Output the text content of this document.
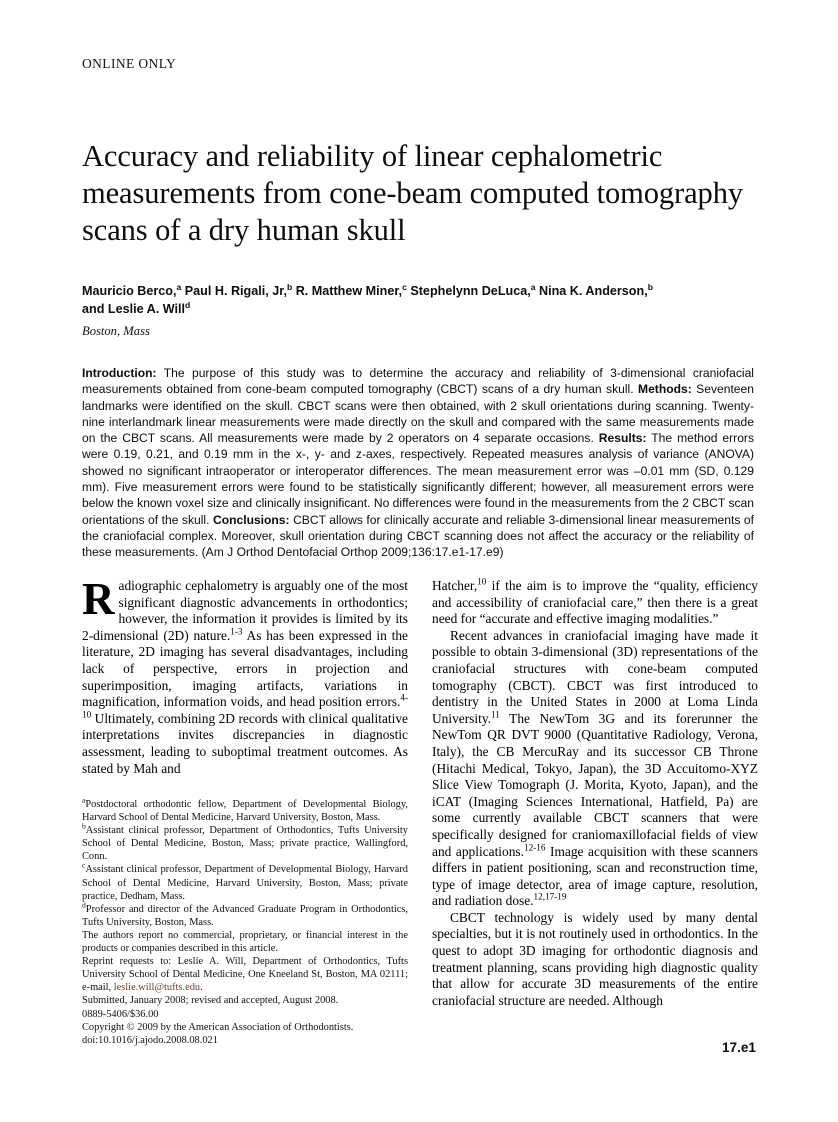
ONLINE ONLY
Accuracy and reliability of linear cephalometric measurements from cone-beam computed tomography scans of a dry human skull
Mauricio Berco,$^a$ Paul H. Rigali, Jr,$^b$ R. Matthew Miner,$^c$ Stephelynn DeLuca,$^a$ Nina K. Anderson,$^b$
and Leslie A. Will$^d$
Boston, Mass

Introduction: The purpose of this study was to determine the accuracy and reliability of 3-dimensional craniofacial measurements obtained from cone-beam computed tomography (CBCT) scans of a dry human skull. Methods: Seventeen landmarks were identified on the skull. CBCT scans were then obtained, with 2 skull orientations during scanning. Twenty-nine interlandmark linear measurements were made directly on the skull and compared with the same measurements made on the CBCT scans. All measurements were made by 2 operators on 4 separate occasions. Results: The method errors were 0.19, 0.21, and 0.19 mm in the x-, y- and z-axes, respectively. Repeated measures analysis of variance (ANOVA) showed no significant intraoperator or interoperator differences. The mean measurement error was –0.01 mm (SD, 0.129 mm). Five measurement errors were found to be statistically significantly different; however, all measurement errors were below the known voxel size and clinically insignificant. No differences were found in the measurements from the 2 CBCT scan orientations of the skull. Conclusions: CBCT allows for clinically accurate and reliable 3-dimensional linear measurements of the craniofacial complex. Moreover, skull orientation during CBCT scanning does not affect the accuracy or the reliability of these measurements. (Am J Orthod Dentofacial Orthop 2009;136:17.e1-17.e9)

Radiographic cephalometry is arguably one of the most significant diagnostic advancements in orthodontics; however, the information it provides is limited by its 2-dimensional (2D) nature.$^{1-3}$ As has been expressed in the literature, 2D imaging has several disadvantages, including lack of perspective, errors in projection and superimposition, imaging artifacts, variations in magnification, information voids, and head position errors.$^{4-10}$ Ultimately, combining 2D records with clinical qualitative interpretations invites discrepancies in diagnostic assessment, leading to suboptimal treatment outcomes. As stated by Mah and

Hatcher,$^{10}$ if the aim is to improve the “quality, efficiency and accessibility of craniofacial care,” then there is a great need for “accurate and effective imaging modalities.”

Recent advances in craniofacial imaging have made it possible to obtain 3-dimensional (3D) representations of the craniofacial structures with cone-beam computed tomography (CBCT). CBCT was first introduced to dentistry in the United States in 2000 at Loma Linda University.$^{11}$ The NewTom 3G and its forerunner the NewTom QR DVT 9000 (Quantitative Radiology, Verona, Italy), the CB MercuRay and its successor CB Throne (Hitachi Medical, Tokyo, Japan), the 3D Accuitomo-XYZ Slice View Tomograph (J. Morita, Kyoto, Japan), and the iCAT (Imaging Sciences International, Hatfield, Pa) are some currently available CBCT scanners that were specifically designed for craniomaxillofacial fields of view and applications.$^{12-16}$ Image acquisition with these scanners differs in patient positioning, scan and reconstruction time, type of image detector, area of image capture, resolution, and radiation dose.$^{12,17-19}$

CBCT technology is widely used by many dental specialties, but it is not routinely used in orthodontics. In the quest to adopt 3D imaging for orthodontic diagnosis and treatment planning, scans providing high diagnostic quality that allow for accurate 3D measurements of the entire craniofacial structure are needed. Although

$^a$Postdoctoral orthodontic fellow, Department of Developmental Biology, Harvard School of Dental Medicine, Harvard University, Boston, Mass.

$^b$Assistant clinical professor, Department of Orthodontics, Tufts University School of Dental Medicine, Boston, Mass; private practice, Wallingford, Conn.

$^c$Assistant clinical professor, Department of Developmental Biology, Harvard School of Dental Medicine, Harvard University, Boston, Mass; private practice, Dedham, Mass.

$^d$Professor and director of the Advanced Graduate Program in Orthodontics, Tufts University, Boston, Mass.

The authors report no commercial, proprietary, or financial interest in the products or companies described in this article.

Reprint requests to: Leslie A. Will, Department of Orthodontics, Tufts University School of Dental Medicine, One Kneeland St, Boston, MA 02111; e-mail, leslie.will@tufts.edu.

Submitted, January 2008; revised and accepted, August 2008.

0889-5406/$36.00

Copyright © 2009 by the American Association of Orthodontists.

doi:10.1016/j.ajodo.2008.08.021	17.e1
